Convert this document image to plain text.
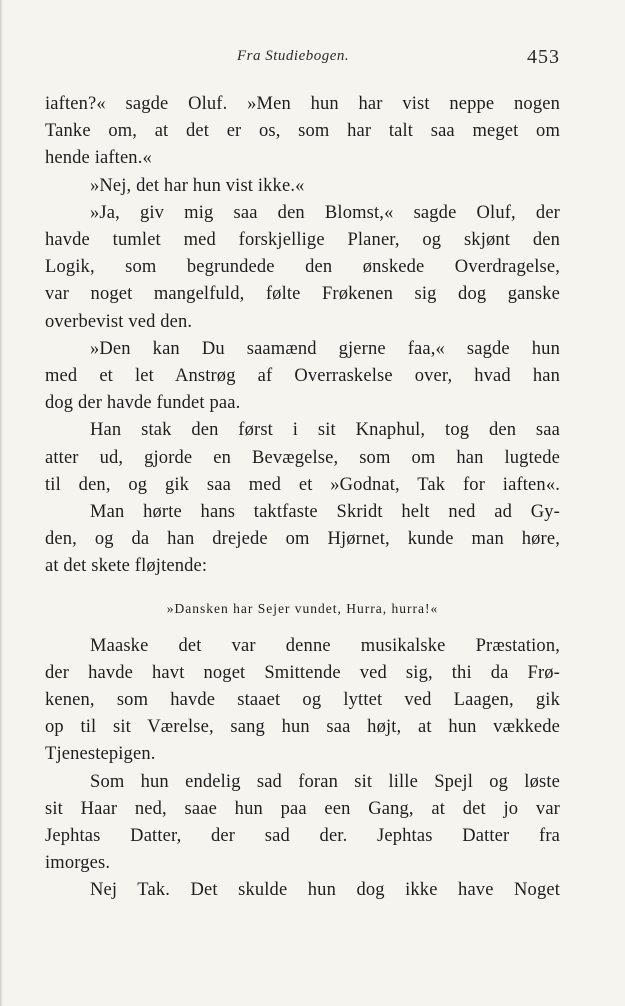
Fra Studiebogen.	453
iaften?« sagde Oluf. »Men hun har vist neppe nogen
Tanke om, at det er os, som har talt saa meget om
hende iaften.«
»Nej, det har hun vist ikke.«
»Ja, giv mig saa den Blomst,« sagde Oluf, der
havde tumlet med forskjellige Planer, og skjønt den
Logik, som begrundede den ønskede Overdragelse,
var noget mangelfuld, følte Frøkenen sig dog ganske
overbevist ved den.
»Den kan Du saamænd gjerne faa,« sagde hun
med et let Anstrøg af Overraskelse over, hvad han
dog der havde fundet paa.
Han stak den først i sit Knaphul, tog den saa
atter ud, gjorde en Bevægelse, som om han lugtede
til den, og gik saa med et »Godnat, Tak for iaften«.
Man hørte hans taktfaste Skridt helt ned ad Gy-
den, og da han drejede om Hjørnet, kunde man høre,
at det skete fløjtende:
»Dansken har Sejer vundet, Hurra, hurra!«
Maaske det var denne musikalske Præstation,
der havde havt noget Smittende ved sig, thi da Frø-
kenen, som havde staaet og lyttet ved Laagen, gik
op til sit Værelse, sang hun saa højt, at hun vækkede
Tjenestepigen.
Som hun endelig sad foran sit lille Spejl og løste
sit Haar ned, saae hun paa een Gang, at det jo var
Jephtas Datter, der sad der. Jephtas Datter fra
imorges.
Nej Tak. Det skulde hun dog ikke have Noget
